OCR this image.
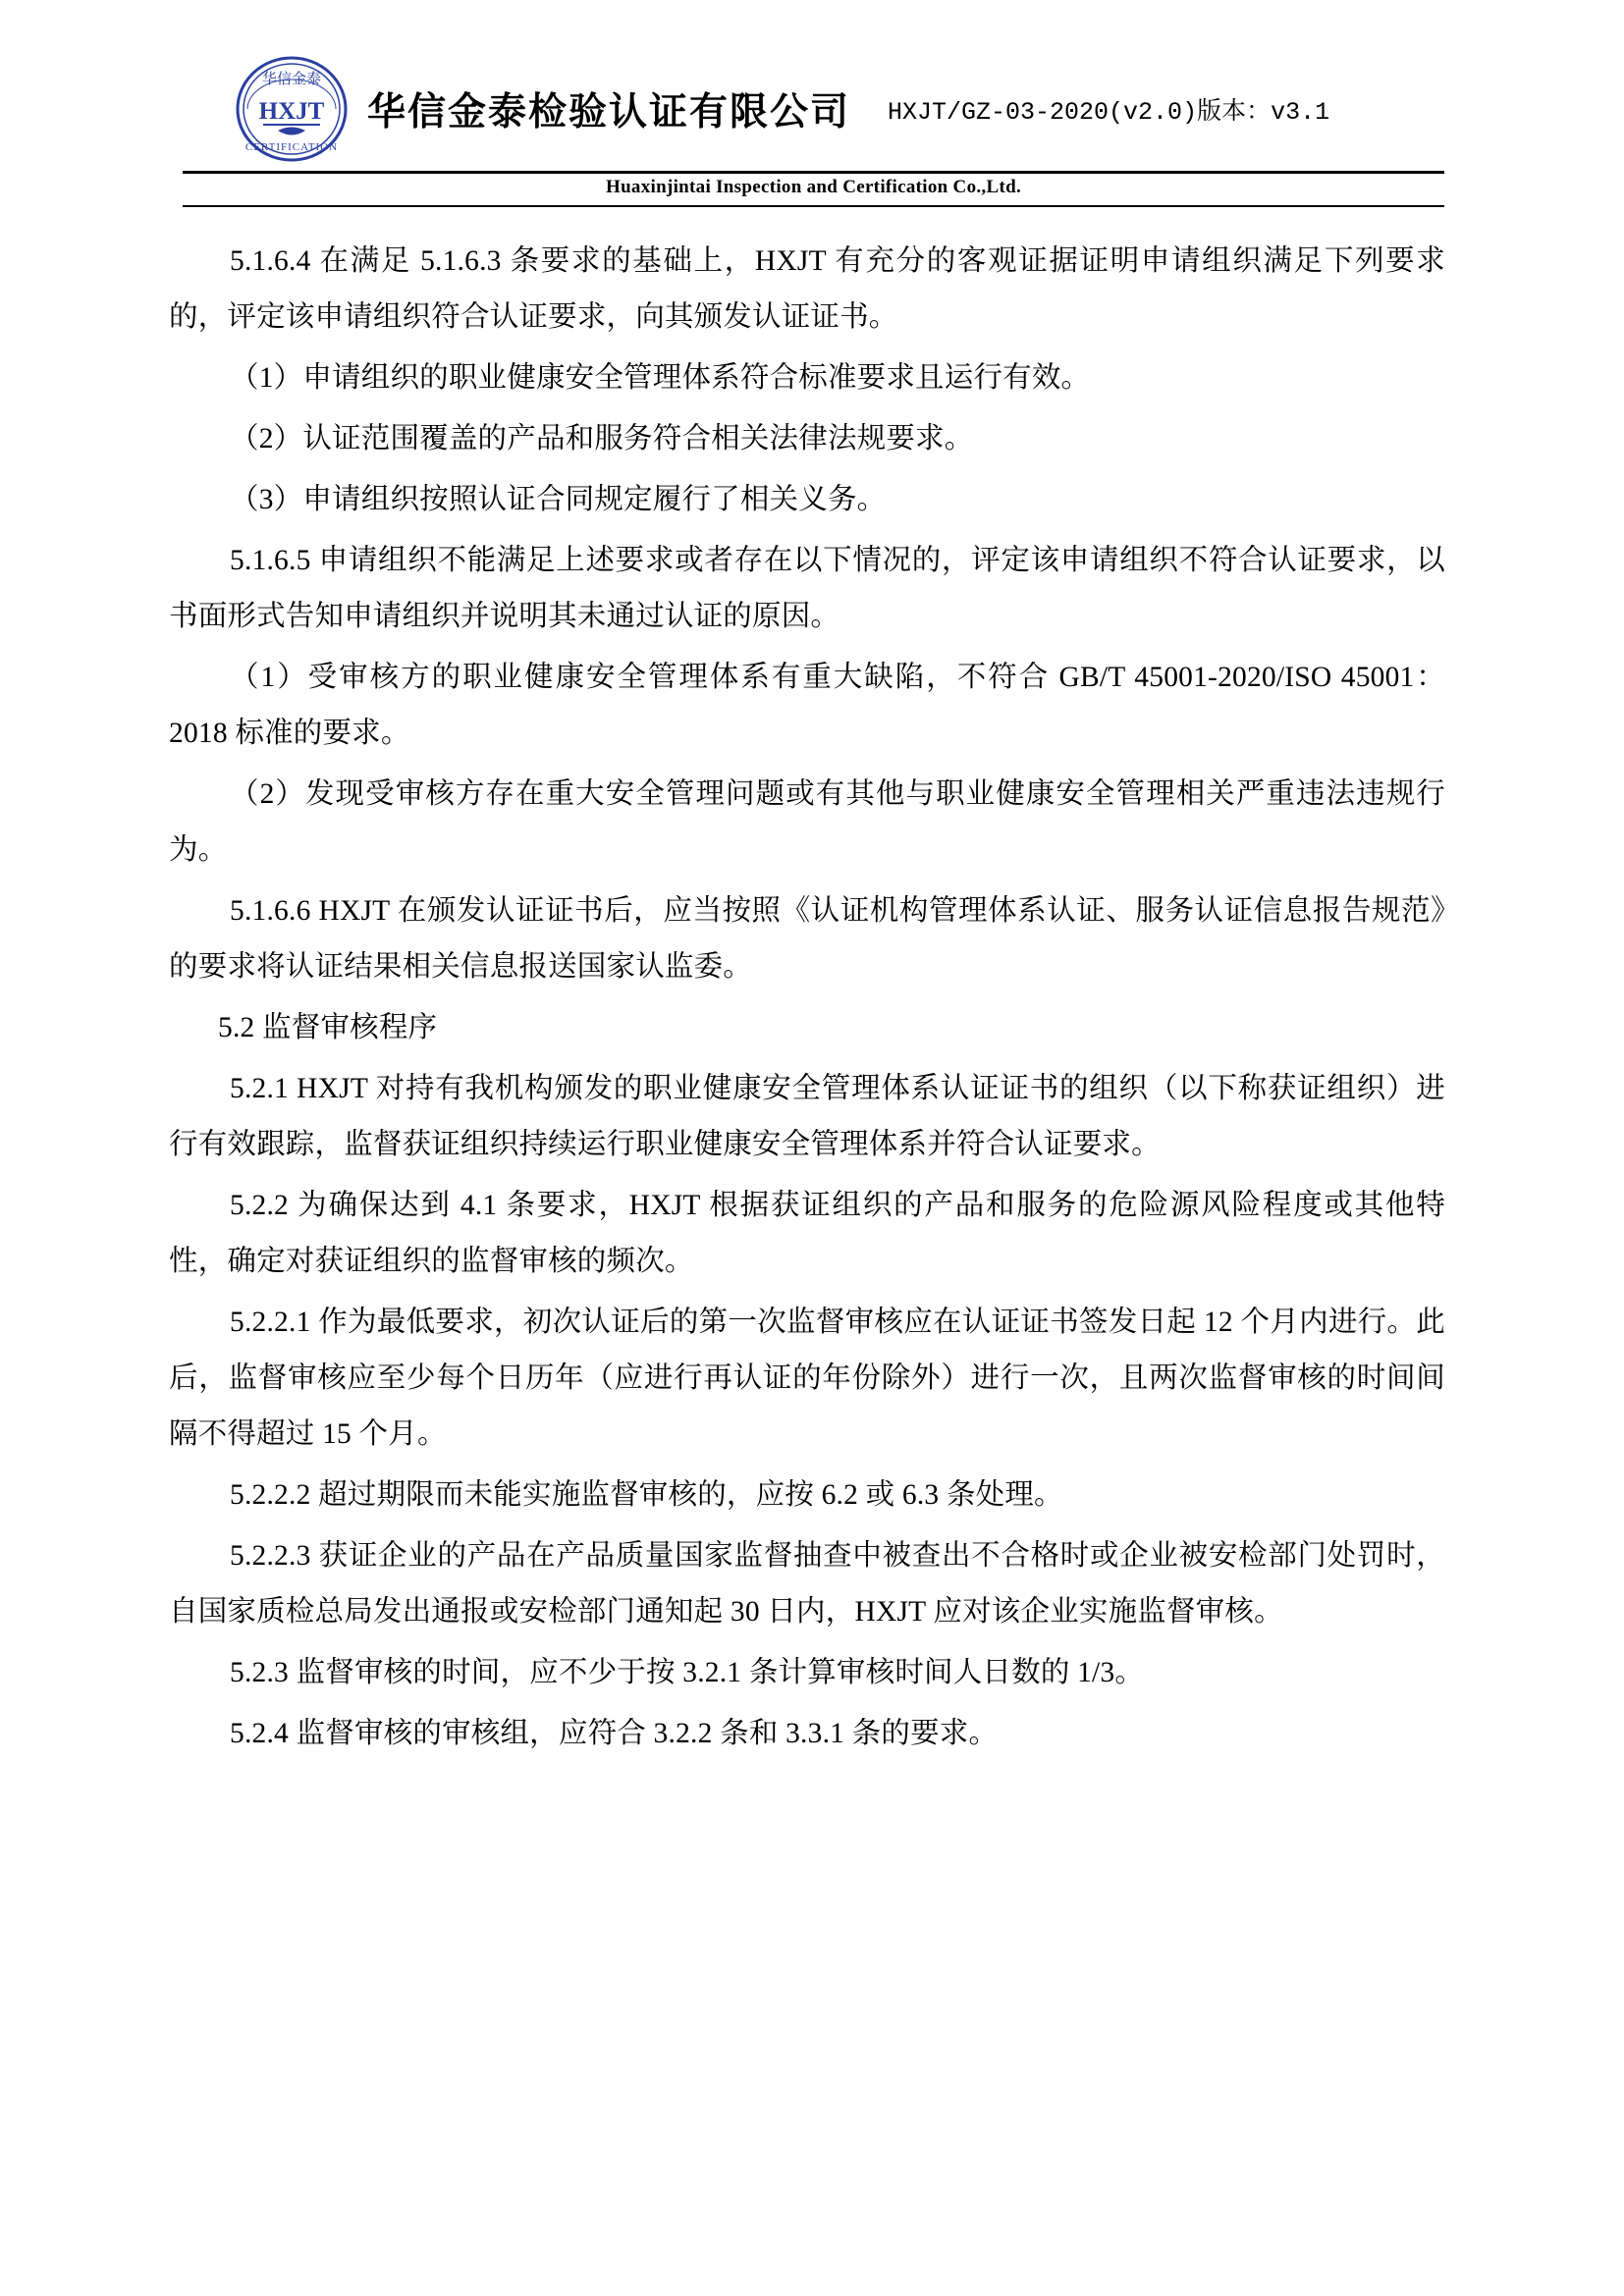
华信金泰
HXJT
CERTIFICATION
华信金泰检验认证有限公司 HXJT/GZ-03-2020(v2.0)版本：v3.1
Huaxinjintai Inspection and Certification Co.,Ltd.

5.1.6.4 在满足 5.1.6.3 条要求的基础上，HXJT 有充分的客观证据证明申请组织满足下列要求的，评定该申请组织符合认证要求，向其颁发认证证书。

（1）申请组织的职业健康安全管理体系符合标准要求且运行有效。

（2）认证范围覆盖的产品和服务符合相关法律法规要求。

（3）申请组织按照认证合同规定履行了相关义务。

5.1.6.5 申请组织不能满足上述要求或者存在以下情况的，评定该申请组织不符合认证要求，以书面形式告知申请组织并说明其未通过认证的原因。

（1）受审核方的职业健康安全管理体系有重大缺陷，不符合 GB/T 45001-2020/ISO 45001：2018 标准的要求。

（2）发现受审核方存在重大安全管理问题或有其他与职业健康安全管理相关严重违法违规行为。

5.1.6.6 HXJT 在颁发认证证书后，应当按照《认证机构管理体系认证、服务认证信息报告规范》的要求将认证结果相关信息报送国家认监委。

5.2 监督审核程序

5.2.1 HXJT 对持有我机构颁发的职业健康安全管理体系认证证书的组织（以下称获证组织）进行有效跟踪，监督获证组织持续运行职业健康安全管理体系并符合认证要求。

5.2.2 为确保达到 4.1 条要求，HXJT 根据获证组织的产品和服务的危险源风险程度或其他特性，确定对获证组织的监督审核的频次。

5.2.2.1 作为最低要求，初次认证后的第一次监督审核应在认证证书签发日起 12 个月内进行。此后，监督审核应至少每个日历年（应进行再认证的年份除外）进行一次，且两次监督审核的时间间隔不得超过 15 个月。

5.2.2.2 超过期限而未能实施监督审核的，应按 6.2 或 6.3 条处理。

5.2.2.3 获证企业的产品在产品质量国家监督抽查中被查出不合格时或企业被安检部门处罚时，自国家质检总局发出通报或安检部门通知起 30 日内，HXJT 应对该企业实施监督审核。

5.2.3 监督审核的时间，应不少于按 3.2.1 条计算审核时间人日数的 1/3。

5.2.4 监督审核的审核组，应符合 3.2.2 条和 3.3.1 条的要求。
